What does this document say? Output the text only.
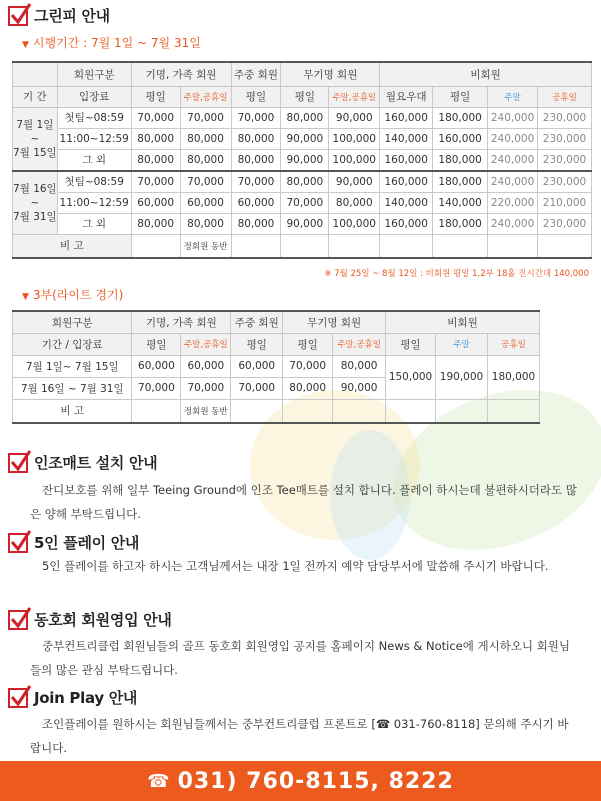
그린피 안내
▼ 시행기간 : 7월 1일 ~ 7월 31일
	회원구분	기명, 가족 회원		주중 회원	무기명 회원		비회원			
기 간	입장료	평일	주말,공휴일	평일	평일	주말,공휴일	월요우대	평일	주말	공휴일
7월 1일
~
7월 15일	첫팀~08:59	70,000	70,000	70,000	80,000	90,000	160,000	180,000	240,000	230,000
	11:00~12:59	80,000	80,000	80,000	90,000	100,000	140,000	160,000	240,000	230,000
	그 외	80,000	80,000	80,000	90,000	100,000	160,000	180,000	240,000	230,000
7월 16일
~
7월 31일	첫팀~08:59	70,000	70,000	70,000	80,000	90,000	160,000	180,000	240,000	230,000
	11:00~12:59	60,000	60,000	60,000	70,000	80,000	140,000	140,000	220,000	210,000
	그 외	80,000	80,000	80,000	90,000	100,000	160,000	180,000	240,000	230,000
비 고			정회원 동반							
※ 7월 25일 ~ 8월 12일 : 비회원 평일 1,2부 18홀 진시간대 140,000
▼ 3부(라이트 경기)
회원구분	기명, 가족 회원		주중 회원	무기명 회원		비회원		
기간 / 입장료	평일	주말,공휴일	평일	평일	주말,공휴일	평일	주말	공휴일
7월 1일~ 7월 15일	60,000	60,000	60,000	70,000	80,000	150,000	190,000	180,000
7월 16일 ~ 7월 31일	70,000	70,000	70,000	80,000	90,000			
비 고		정회원 동반						
인조매트 설치 안내
잔디보호를 위해 일부 Teeing Ground에 인조 Tee매트를 설치 합니다. 플레이 하시는데 불편하시더라도 많은 양해 부탁드립니다.
5인 플레이 안내
5인 플레이를 하고자 하시는 고객님께서는 내장 1일 전까지 예약 담당부서에 말씀해 주시기 바랍니다.
동호회 회원영입 안내
중부컨트리클럽 회원님들의 골프 동호회 회원영입 공지를 홈페이지 News & Notice에 게시하오니 회원님들의 많은 관심 부탁드립니다.
Join Play 안내
조인플레이를 원하시는 회원님들께서는 중부컨트리클럽 프론트로 [☎ 031-760-8118] 문의해 주시기 바랍니다.
☎ 031) 760-8115, 8222
